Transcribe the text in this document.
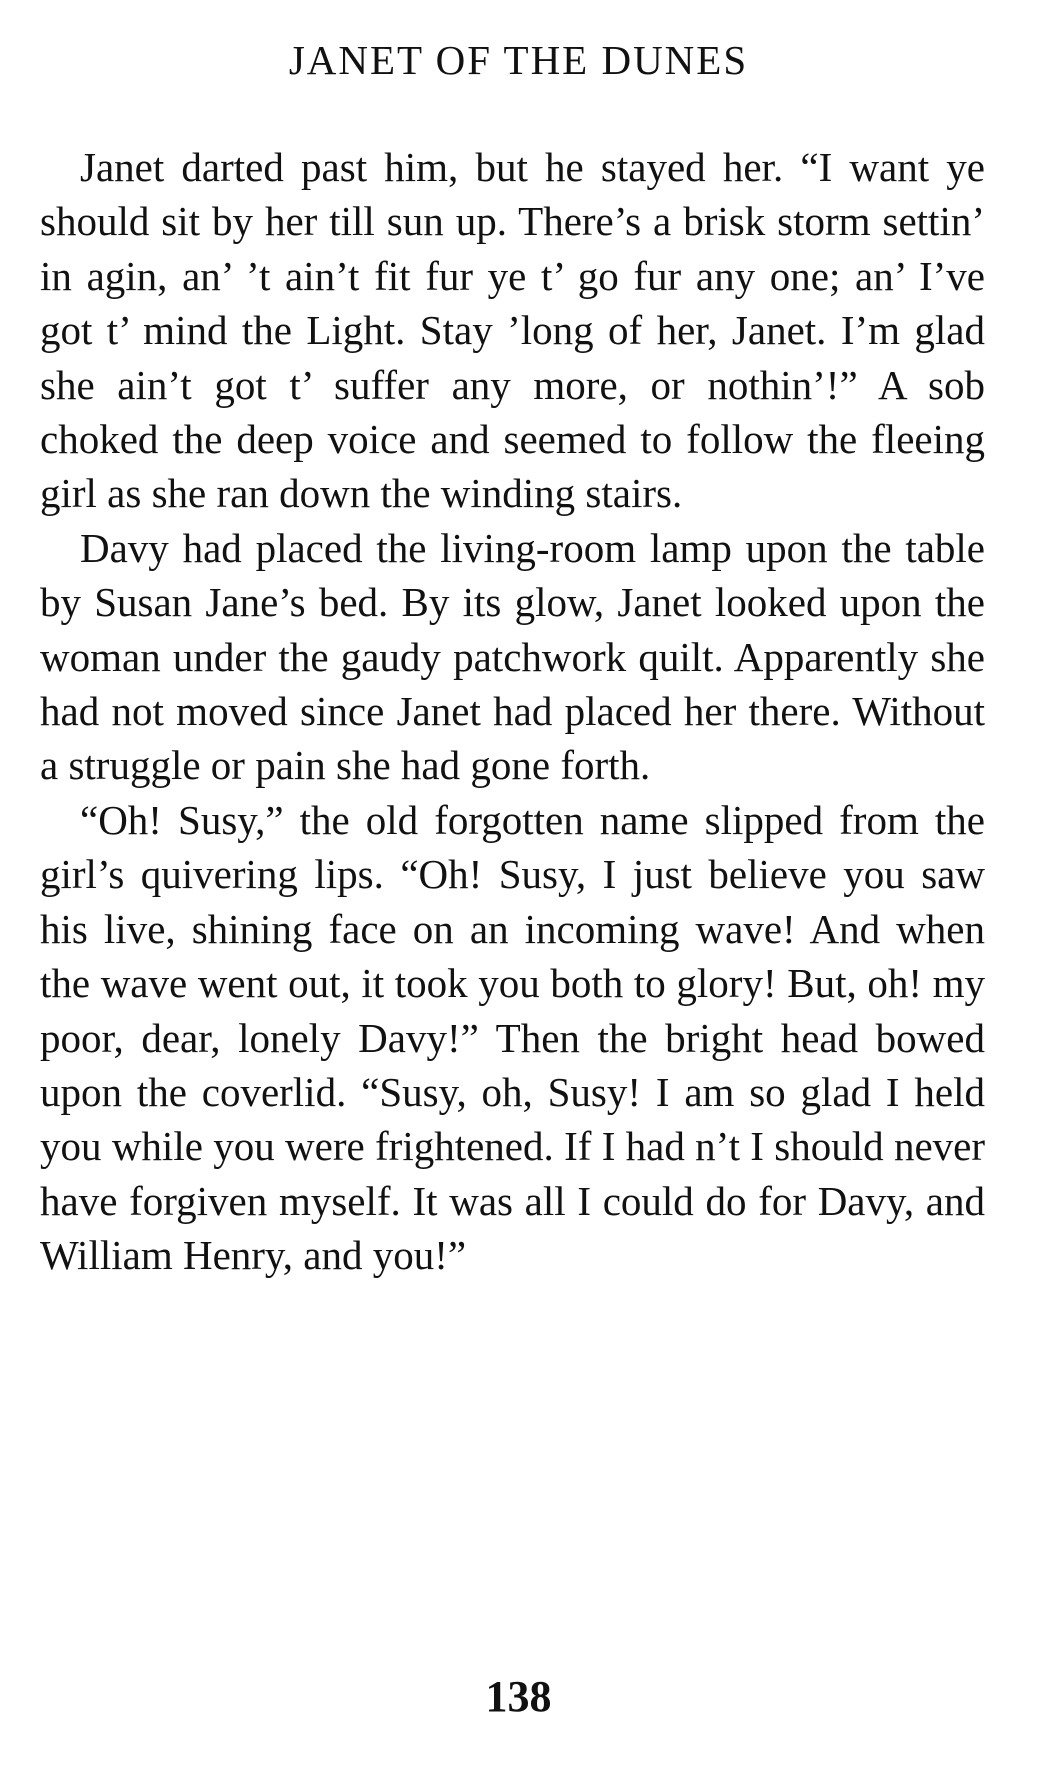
JANET OF THE DUNES

Janet darted past him, but he stayed her. “I want ye should sit by her till sun up. There’s a brisk storm settin’ in agin, an’ ’t ain’t fit fur ye t’ go fur any one; an’ I’ve got t’ mind the Light. Stay ’long of her, Janet. I’m glad she ain’t got t’ suffer any more, or nothin’!” A sob choked the deep voice and seemed to follow the fleeing girl as she ran down the winding stairs.

Davy had placed the living-room lamp upon the table by Susan Jane’s bed. By its glow, Janet looked upon the woman under the gaudy patchwork quilt. Apparently she had not moved since Janet had placed her there. Without a struggle or pain she had gone forth.

“Oh! Susy,” the old forgotten name slipped from the girl’s quivering lips. “Oh! Susy, I just believe you saw his live, shining face on an incoming wave! And when the wave went out, it took you both to glory! But, oh! my poor, dear, lonely Davy!” Then the bright head bowed upon the coverlid. “Susy, oh, Susy! I am so glad I held you while you were frightened. If I had n’t I should never have forgiven myself. It was all I could do for Davy, and William Henry, and you!”

138
